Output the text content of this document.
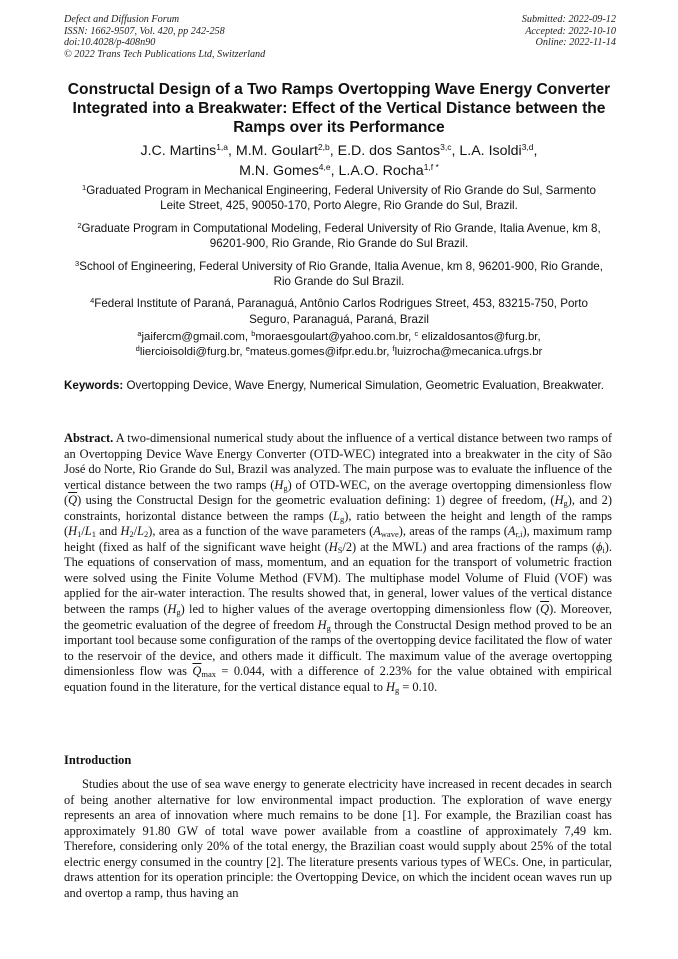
Defect and Diffusion Forum
ISSN: 1662-9507, Vol. 420, pp 242-258
doi:10.4028/p-408n90
© 2022 Trans Tech Publications Ltd, Switzerland
Submitted: 2022-09-12
Accepted: 2022-10-10
Online: 2022-11-14
Constructal Design of a Two Ramps Overtopping Wave Energy Converter Integrated into a Breakwater: Effect of the Vertical Distance between the Ramps over its Performance
J.C. Martins$^{1,a}$, M.M. Goulart$^{2,b}$, E.D. dos Santos$^{3,c}$, L.A. Isoldi$^{3,d}$,
M.N. Gomes$^{4,e}$, L.A.O. Rocha$^{1,f *}$
$^1$Graduated Program in Mechanical Engineering, Federal University of Rio Grande do Sul, Sarmento Leite Street, 425, 90050-170, Porto Alegre, Rio Grande do Sul, Brazil.
$^2$Graduate Program in Computational Modeling, Federal University of Rio Grande, Italia Avenue, km 8, 96201-900, Rio Grande, Rio Grande do Sul Brazil.
$^3$School of Engineering, Federal University of Rio Grande, Italia Avenue, km 8, 96201-900, Rio Grande, Rio Grande do Sul Brazil.
$^4$Federal Institute of Paraná, Paranaguá, Antônio Carlos Rodrigues Street, 453, 83215-750, Porto Seguro, Paranaguá, Paraná, Brazil
$^a$jaifercm@gmail.com, $^b$moraesgoulart@yahoo.com.br, $^c$ elizaldosantos@furg.br,
$^d$liercioisoldi@furg.br, $^e$mateus.gomes@ifpr.edu.br, $^f$luizrocha@mecanica.ufrgs.br
Keywords: Overtopping Device, Wave Energy, Numerical Simulation, Geometric Evaluation, Breakwater.
Abstract. A two-dimensional numerical study about the influence of a vertical distance between two ramps of an Overtopping Device Wave Energy Converter (OTD-WEC) integrated into a breakwater in the city of São José do Norte, Rio Grande do Sul, Brazil was analyzed. The main purpose was to evaluate the influence of the vertical distance between the two ramps $(H_g)$ of OTD-WEC, on the average overtopping dimensionless flow $(\overline{Q})$ using the Constructal Design for the geometric evaluation defining: 1) degree of freedom, $(H_g)$, and 2) constraints, horizontal distance between the ramps $(L_g)$, ratio between the height and length of the ramps ($H_1/L_1$ and $H_2/L_2$), area as a function of the wave parameters $(A_{wave})$, areas of the ramps $(A_{r,i})$, maximum ramp height (fixed as half of the significant wave height $(H_S/2)$ at the MWL) and area fractions of the ramps $(\phi_i)$. The equations of conservation of mass, momentum, and an equation for the transport of volumetric fraction were solved using the Finite Volume Method (FVM). The multiphase model Volume of Fluid (VOF) was applied for the air-water interaction. The results showed that, in general, lower values of the vertical distance between the ramps $(H_g)$ led to higher values of the average overtopping dimensionless flow $(\overline{Q})$. Moreover, the geometric evaluation of the degree of freedom $H_g$ through the Constructal Design method proved to be an important tool because some configuration of the ramps of the overtopping device facilitated the flow of water to the reservoir of the device, and others made it difficult. The maximum value of the average overtopping dimensionless flow was $\overline{Q}_{max} = 0.044$, with a difference of 2.23% for the value obtained with empirical equation found in the literature, for the vertical distance equal to $H_g = 0.10$.
Introduction
Studies about the use of sea wave energy to generate electricity have increased in recent decades in search of being another alternative for low environmental impact production. The exploration of wave energy represents an area of innovation where much remains to be done [1]. For example, the Brazilian coast has approximately 91.80 GW of total wave power available from a coastline of approximately 7,49 km. Therefore, considering only 20% of the total energy, the Brazilian coast would supply about 25% of the total electric energy consumed in the country [2]. The literature presents various types of WECs. One, in particular, draws attention for its operation principle: the Overtopping Device, on which the incident ocean waves run up and overtop a ramp, thus having an
